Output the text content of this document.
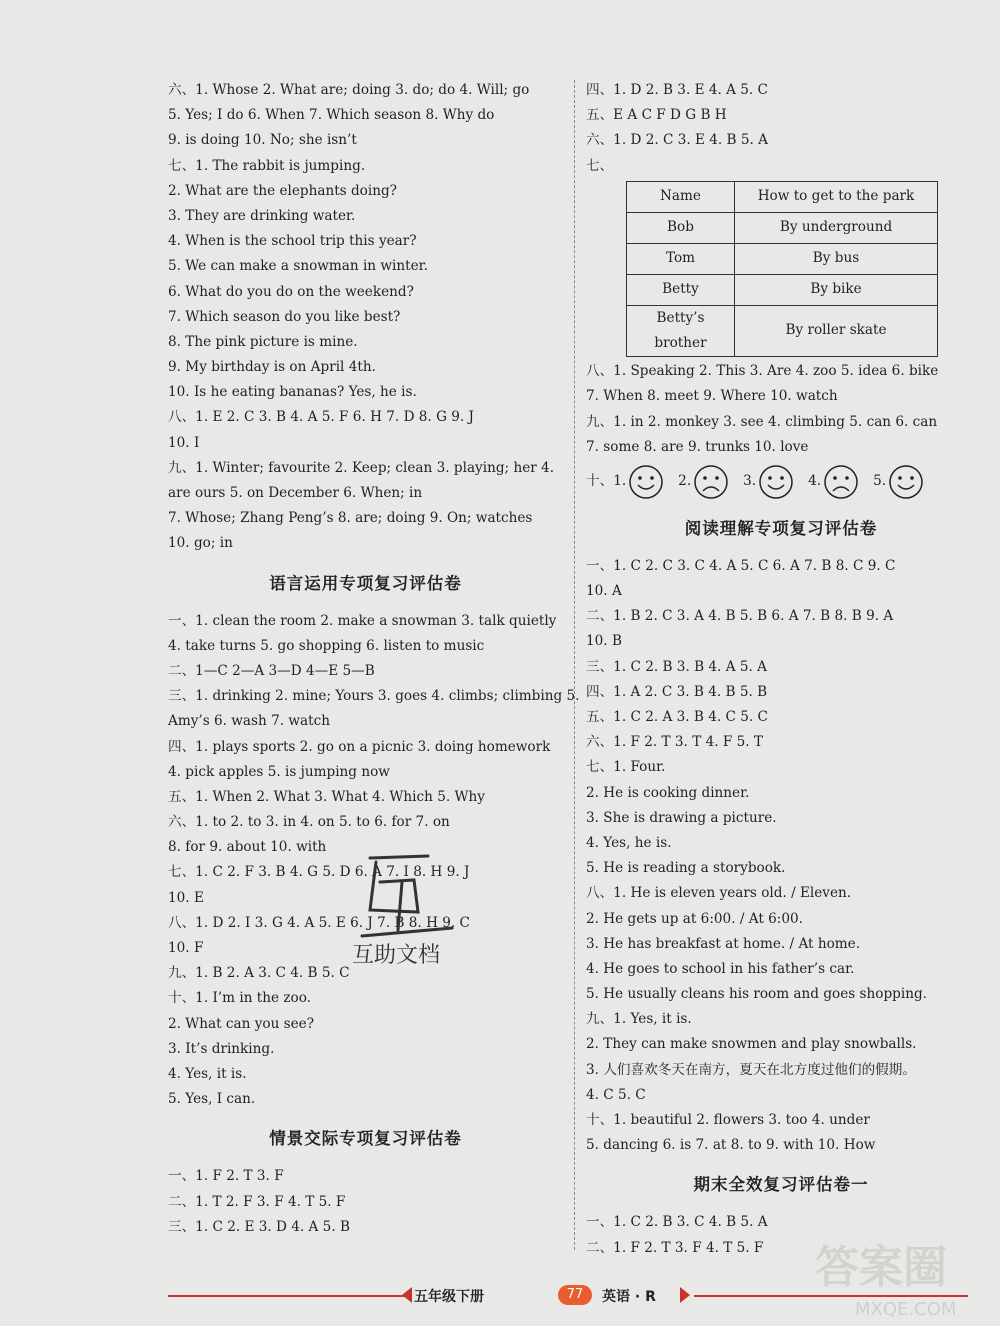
六、1. Whose 2. What are; doing 3. do; do 4. Will; go
5. Yes; I do 6. When 7. Which season 8. Why do
9. is doing 10. No; she isn’t
七、1. The rabbit is jumping.
2. What are the elephants doing?
3. They are drinking water.
4. When is the school trip this year?
5. We can make a snowman in winter.
6. What do you do on the weekend?
7. Which season do you like best?
8. The pink picture is mine.
9. My birthday is on April 4th.
10. Is he eating bananas? Yes, he is.
八、1. E 2. C 3. B 4. A 5. F 6. H 7. D 8. G 9. J
10. I
九、1. Winter; favourite 2. Keep; clean 3. playing; her 4.
are ours 5. on December 6. When; in
7. Whose; Zhang Peng’s 8. are; doing 9. On; watches
10. go; in
语言运用专项复习评估卷
一、1. clean the room 2. make a snowman 3. talk quietly
4. take turns 5. go shopping 6. listen to music
二、1—C 2—A 3—D 4—E 5—B
三、1. drinking 2. mine; Yours 3. goes 4. climbs; climbing 5.
Amy’s 6. wash 7. watch
四、1. plays sports 2. go on a picnic 3. doing homework
4. pick apples 5. is jumping now
五、1. When 2. What 3. What 4. Which 5. Why
六、1. to 2. to 3. in 4. on 5. to 6. for 7. on
8. for 9. about 10. with
七、1. C 2. F 3. B 4. G 5. D 6. A 7. I 8. H 9. J
10. E
八、1. D 2. I 3. G 4. A 5. E 6. J 7. B 8. H 9. C
10. F
九、1. B 2. A 3. C 4. B 5. C
十、1. I’m in the zoo.
2. What can you see?
3. It’s drinking.
4. Yes, it is.
5. Yes, I can.
情景交际专项复习评估卷
一、1. F 2. T 3. F
二、1. T 2. F 3. F 4. T 5. F
三、1. C 2. E 3. D 4. A 5. B
四、1. D 2. B 3. E 4. A 5. C
五、E A C F D G B H
六、1. D 2. C 3. E 4. B 5. A
七、
Name	How to get to the park
Bob	By underground
Tom	By bus
Betty	By bike
Betty’s brother	By roller skate
八、1. Speaking 2. This 3. Are 4. zoo 5. idea 6. bike
7. When 8. meet 9. Where 10. watch
九、1. in 2. monkey 3. see 4. climbing 5. can 6. can
7. some 8. are 9. trunks 10. love
十、 1.	2.	3.	4.	5.
阅读理解专项复习评估卷
一、1. C 2. C 3. C 4. A 5. C 6. A 7. B 8. C 9. C
10. A
二、1. B 2. C 3. A 4. B 5. B 6. A 7. B 8. B 9. A
10. B
三、1. C 2. B 3. B 4. A 5. A
四、1. A 2. C 3. B 4. B 5. B
五、1. C 2. A 3. B 4. C 5. C
六、1. F 2. T 3. T 4. F 5. T
七、1. Four.
2. He is cooking dinner.
3. She is drawing a picture.
4. Yes, he is.
5. He is reading a storybook.
八、1. He is eleven years old. / Eleven.
2. He gets up at 6:00. / At 6:00.
3. He has breakfast at home. / At home.
4. He goes to school in his father’s car.
5. He usually cleans his room and goes shopping.
九、1. Yes, it is.
2. They can make snowmen and play snowballs.
3. 人们喜欢冬天在南方，夏天在北方度过他们的假期。
4. C 5. C
十、1. beautiful 2. flowers 3. too 4. under
5. dancing 6. is 7. at 8. to 9. with 10. How
期末全效复习评估卷一
一、1. C 2. B 3. C 4. B 5. A
二、1. F 2. T 3. F 4. T 5. F
互助文档
答案圈
MXQE.COM
五年级下册	77	英语 · R
